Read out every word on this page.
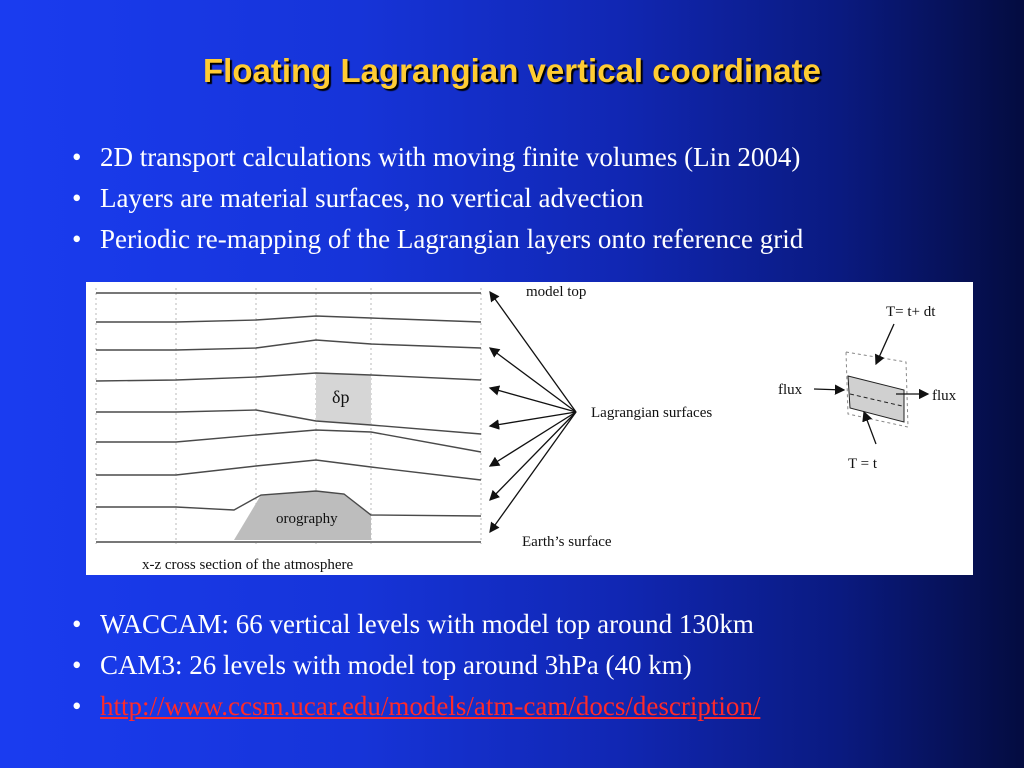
Floating Lagrangian vertical coordinate
• 2D transport calculations with moving finite volumes (Lin 2004)
• Layers are material surfaces, no vertical advection
• Periodic re-mapping of the Lagrangian layers onto reference grid
model top
Lagrangian surfaces
Earth’s surface
δp
orography
x-z cross section of the atmosphere
T= t+ dt
T = t
flux	flux
• WACCAM: 66 vertical levels with model top around 130km
• CAM3: 26 levels with model top around 3hPa (40 km)
• http://www.ccsm.ucar.edu/models/atm-cam/docs/description/
